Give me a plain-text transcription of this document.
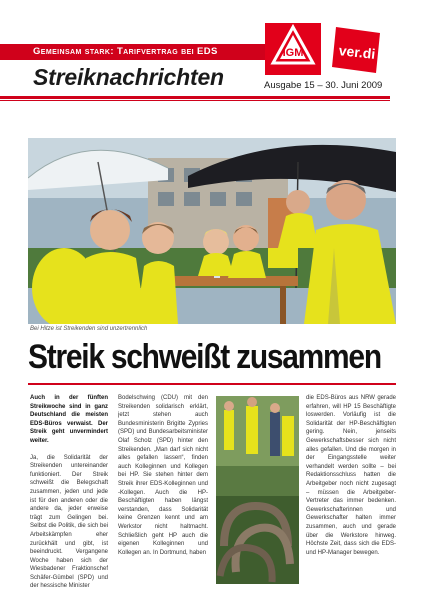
Gemeinsam stark: Tarifvertrag bei EDS
Streiknachrichten	Ausgabe 15 – 30. Juni 2009
IGM ver.di
Bei Hitze ist Streikenden sind unzertrennlich
Streik schweißt zusammen
Auch in der fünften Streikwoche sind in ganz Deutschland die meisten EDS-Büros verwaist. Der Streik geht unvermindert weiter.
Ja, die Solidarität der Streikenden untereinander funktioniert. Der Streik schweißt die Belegschaft zusammen, jeden und jede ist für den anderen oder die andere da, jeder erweise trägt zum Gelingen bei. Selbst die Politik, die sich bei Arbeitskämpfen eher zurückhält und gibt, ist beeindruckt. Vergangene Woche haben sich der Wiesbadener Fraktionschef Schäfer-Gümbel (SPD) und der hessische Minister
Bodelschwing (CDU) mit den Streikenden solidarisch erklärt, jetzt stehen auch Bundesministerin Brigitte Zypries (SPD) und Bundesarbeitsminister Olaf Scholz (SPD) hinter den Streikenden. „Man darf sich nicht alles gefallen lassen“, finden auch Kolleginnen und Kollegen bei HP. Sie stehen hinter dem Streik ihrer EDS-Kolleginnen und -Kollegen. Auch die HP-Beschäftigten haben längst verstanden, dass Solidarität keine Grenzen kennt und am Werkstor nicht haltmacht. Schließlich geht HP auch die eigenen Kolleginnen und Kollegen an. In Dortmund, haben
die EDS-Büros aus NRW gerade erfahren, will HP 15 Beschäftigte loswerden. Vorläufig ist die Solidarität der HP-Beschäftigten gering. Nein, jenseits Gewerkschaftsbesser sich nicht alles gefallen. Und die morgen in der Eingangsstelle weiter verhandelt werden sollte – bei Redaktionsschluss hatten die Arbeitgeber noch nicht zugesagt – müssen die Arbeitgeber-Vertreter das immer bedenken. Gewerkschafterinnen und Gewerkschafter halten immer zusammen, auch und gerade über die Werkstore hinweg. Höchste Zeit, dass sich die EDS- und HP-Manager bewegen.
